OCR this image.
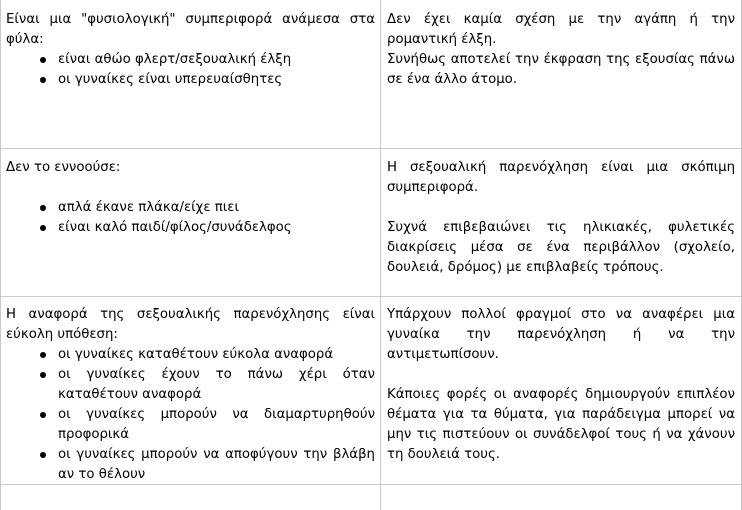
Είναι μια "φυσιολογική" συμπεριφορά ανάμεσα στα φύλα:

είναι αθώο φλερτ/σεξουαλική έλξη
οι γυναίκες είναι υπερευαίσθητες

Δεν έχει καμία σχέση με την αγάπη ή την ρομαντική έλξη.

Συνήθως αποτελεί την έκφραση της εξουσίας πάνω σε ένα άλλο άτομο.

Δεν το εννοούσε:

απλά έκανε πλάκα/είχε πιει
είναι καλό παιδί/φίλος/συνάδελφος

Η σεξουαλική παρενόχληση είναι μια σκόπιμη συμπεριφορά.

Συχνά επιβεβαιώνει τις ηλικιακές, φυλετικές διακρίσεις μέσα σε ένα περιβάλλον (σχολείο, δουλειά, δρόμος) με επιβλαβείς τρόπους.

Η αναφορά της σεξουαλικής παρενόχλησης είναι εύκολη υπόθεση:

οι γυναίκες καταθέτουν εύκολα αναφορά
οι γυναίκες έχουν το πάνω χέρι όταν καταθέτουν αναφορά
οι γυναίκες μπορούν να διαμαρτυρηθούν προφορικά
οι γυναίκες μπορούν να αποφύγουν την βλάβη αν το θέλουν

Υπάρχουν πολλοί φραγμοί στο να αναφέρει μια γυναίκα την παρενόχληση ή να την αντιμετωπίσουν.

Κάποιες φορές οι αναφορές δημιουργούν επιπλέον θέματα για τα θύματα, για παράδειγμα μπορεί να μην τις πιστεύουν οι συνάδελφοί τους ή να χάνουν τη δουλειά τους.
